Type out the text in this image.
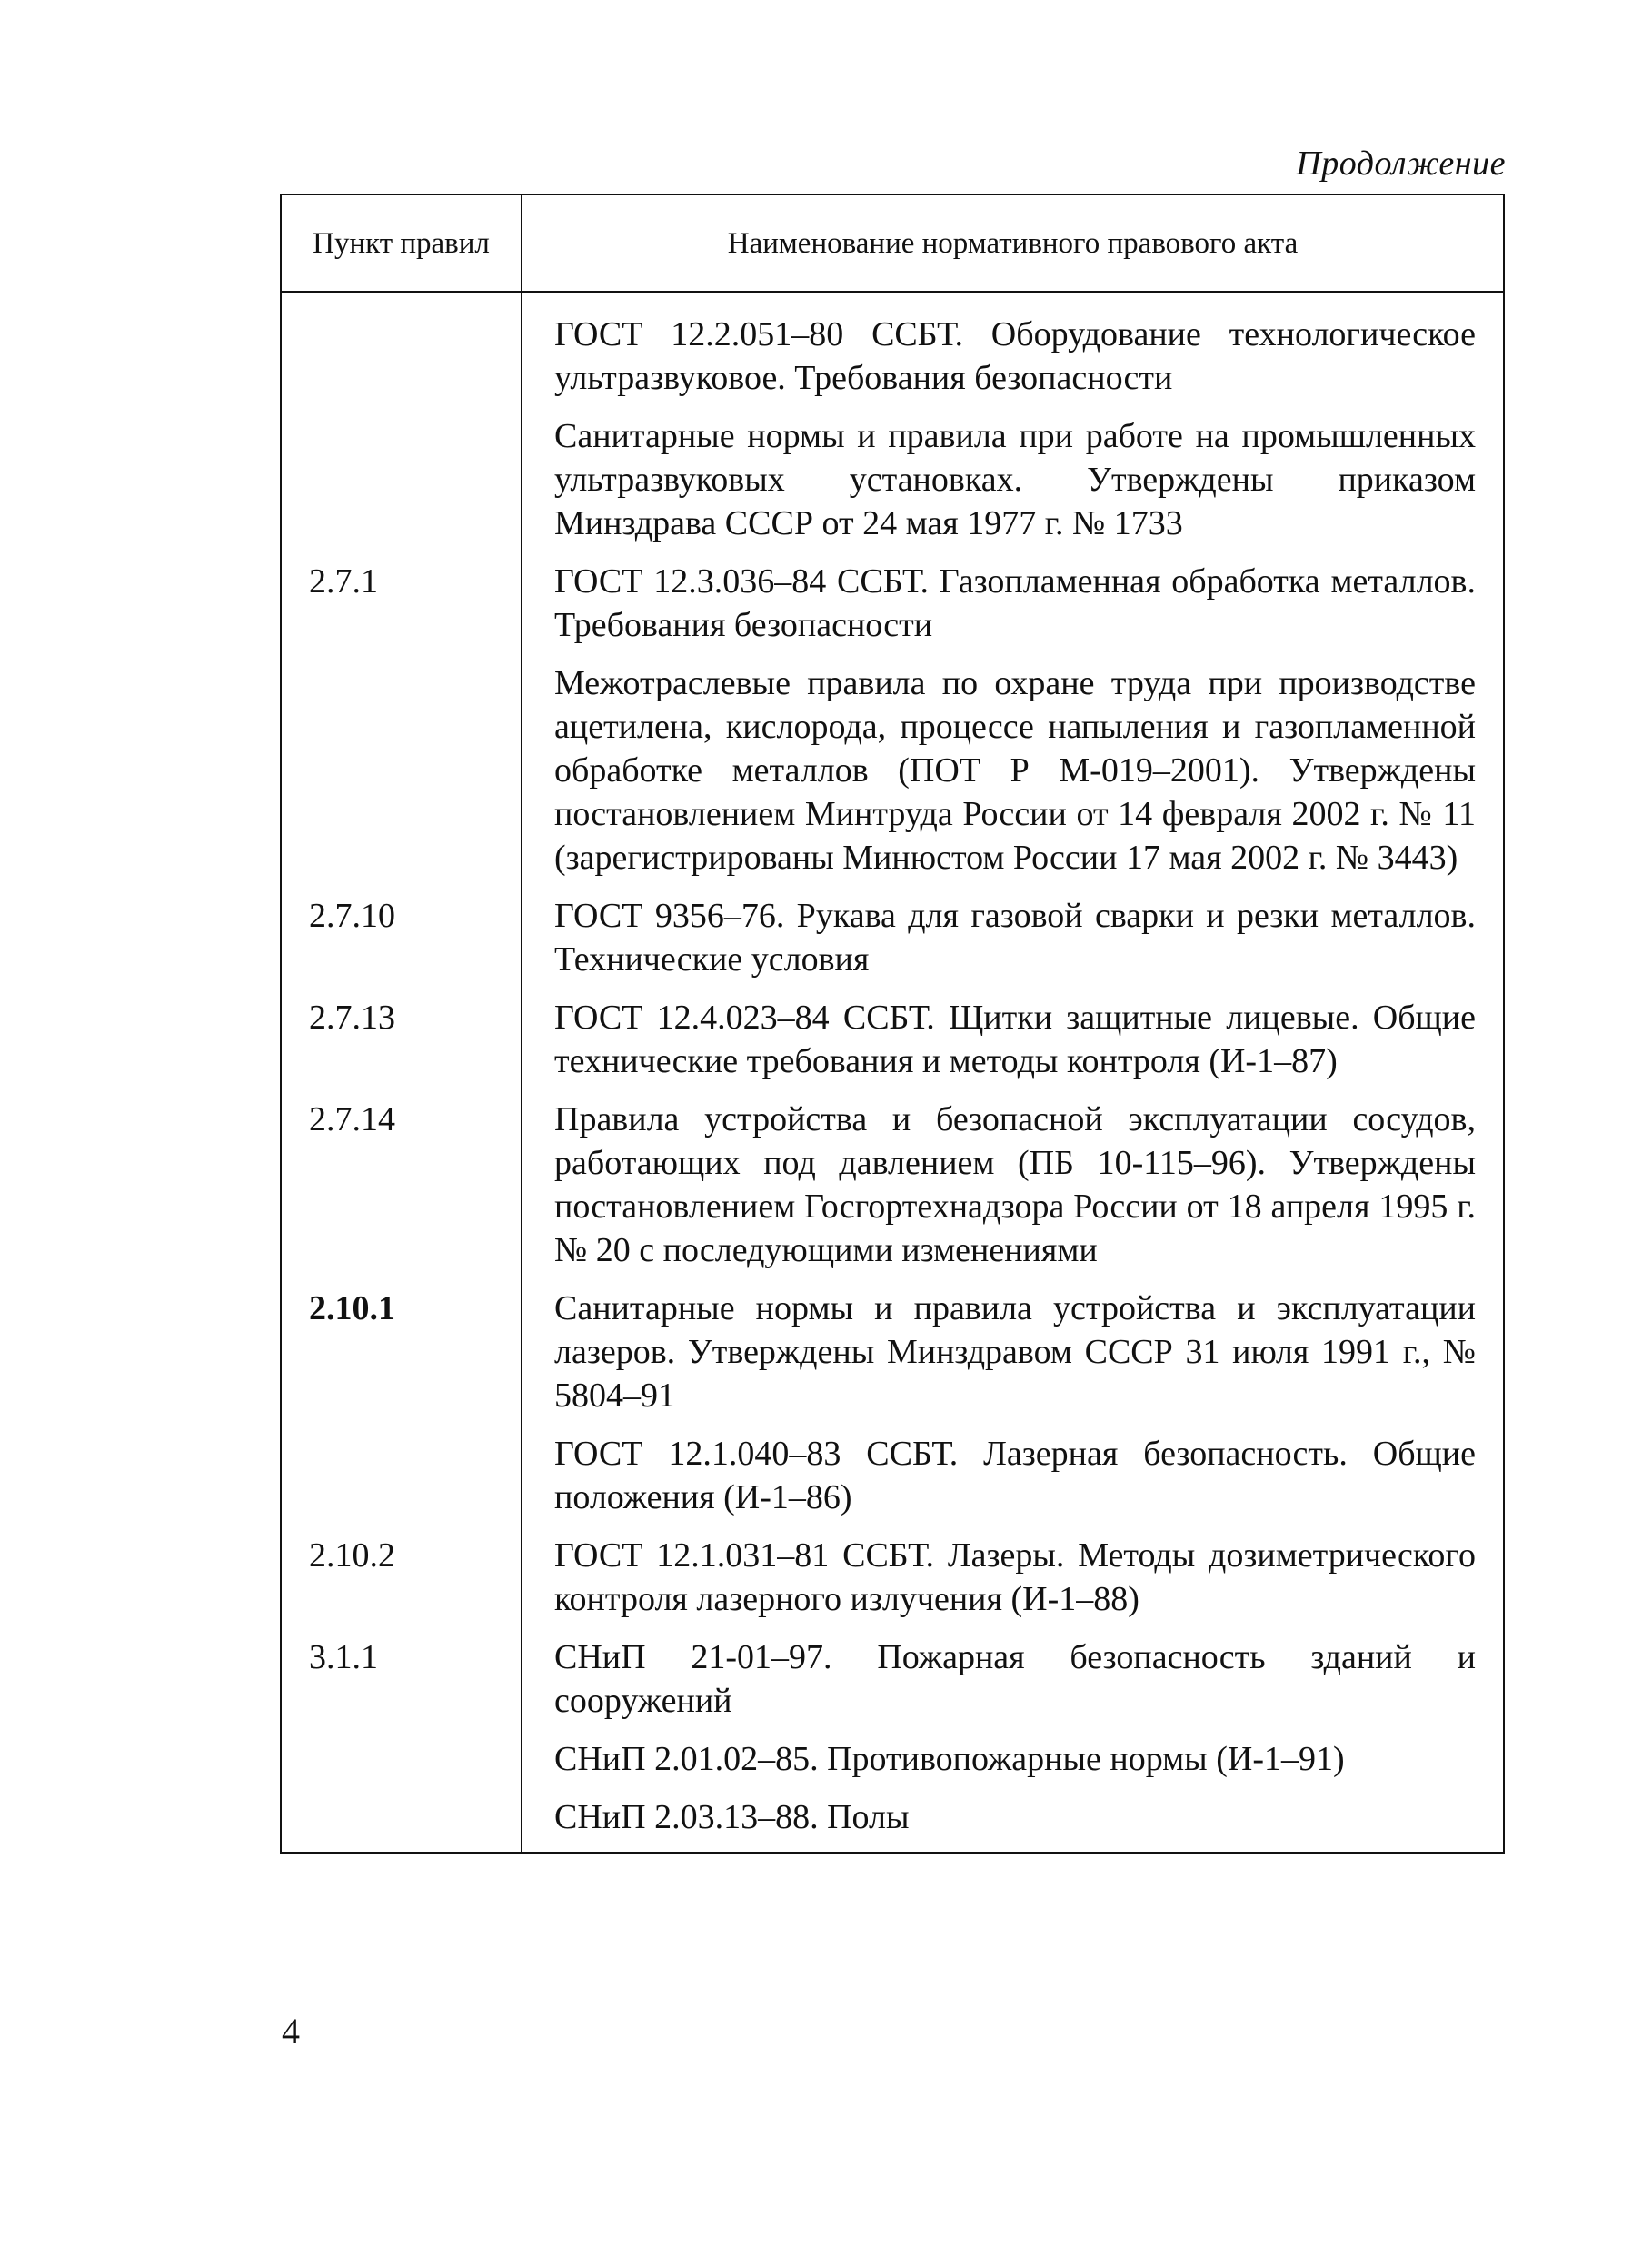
Продолжение
Пункт правил	Наименование нормативного правового акта
	ГОСТ 12.2.051–80 ССБТ. Оборудование технологическое ультразвуковое. Требования безопасности
	Санитарные нормы и правила при работе на промышленных ультразвуковых установках. Утверждены приказом Минздрава СССР от 24 мая 1977 г. № 1733
2.7.1	ГОСТ 12.3.036–84 ССБТ. Газопламенная обработка металлов. Требования безопасности
	Межотраслевые правила по охране труда при производстве ацетилена, кислорода, процессе напыления и газопламенной обработке металлов (ПОТ Р М-019–2001). Утверждены постановлением Минтруда России от 14 февраля 2002 г. № 11 (зарегистрированы Минюстом России 17 мая 2002 г. № 3443)
2.7.10	ГОСТ 9356–76. Рукава для газовой сварки и резки металлов. Технические условия
2.7.13	ГОСТ 12.4.023–84 ССБТ. Щитки защитные лицевые. Общие технические требования и методы контроля (И-1–87)
2.7.14	Правила устройства и безопасной эксплуатации сосудов, работающих под давлением (ПБ 10-115–96). Утверждены постановлением Госгортехнадзора России от 18 апреля 1995 г. № 20 с последующими изменениями
2.10.1	Санитарные нормы и правила устройства и эксплуатации лазеров. Утверждены Минздравом СССР 31 июля 1991 г., № 5804–91
	ГОСТ 12.1.040–83 ССБТ. Лазерная безопасность. Общие положения (И-1–86)
2.10.2	ГОСТ 12.1.031–81 ССБТ. Лазеры. Методы дозиметрического контроля лазерного излучения (И-1–88)
3.1.1	СНиП 21-01–97. Пожарная безопасность зданий и сооружений
	СНиП 2.01.02–85. Противопожарные нормы (И-1–91)
	СНиП 2.03.13–88. Полы
4
